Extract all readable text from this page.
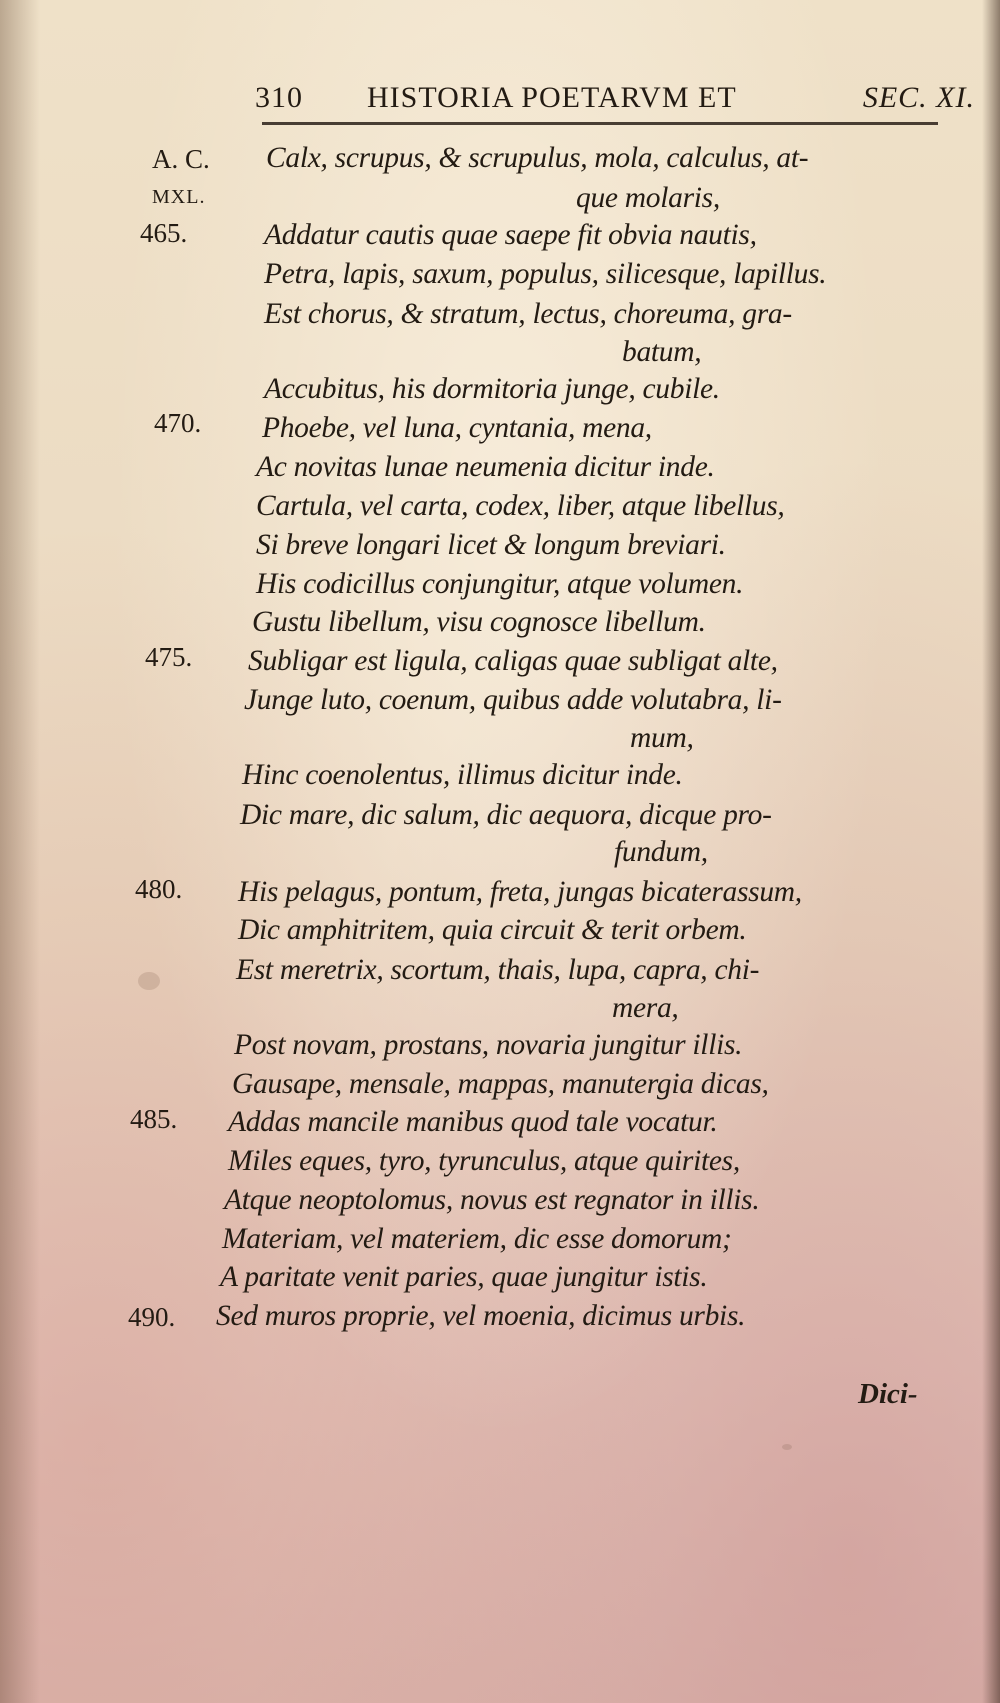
310 HISTORIA POETARVM ET	SEC. XI.
A. C.
MXL.
Calx, scrupus, & scrupulus, mola, calculus, at-
que molaris,
Addatur cautis quae saepe fit obvia nautis,
465.
Petra, lapis, saxum, populus, silicesque, lapillus.
Est chorus, & stratum, lectus, choreuma, gra-
batum,
Accubitus, his dormitoria junge, cubile.
Phoebe, vel luna, cyntania, mena,
470.
Ac novitas lunae neumenia dicitur inde.
Cartula, vel carta, codex, liber, atque libellus,
Si breve longari licet & longum breviari.
His codicillus conjungitur, atque volumen.
Gustu libellum, visu cognosce libellum.
Subligar est ligula, caligas quae subligat alte,
475.
Junge luto, coenum, quibus adde volutabra, li-
mum,
Hinc coenolentus, illimus dicitur inde.
Dic mare, dic salum, dic aequora, dicque pro-
fundum,
His pelagus, pontum, freta, jungas bicaterassum,
480.
Dic amphitritem, quia circuit & terit orbem.
Est meretrix, scortum, thais, lupa, capra, chi-
mera,
Post novam, prostans, novaria jungitur illis.
Gausape, mensale, mappas, manutergia dicas,
Addas mancile manibus quod tale vocatur.
485.
Miles eques, tyro, tyrunculus, atque quirites,
Atque neoptolomus, novus est regnator in illis.
Materiam, vel materiem, dic esse domorum;
A paritate venit paries, quae jungitur istis.
Sed muros proprie, vel moenia, dicimus urbis.
490.
Dici-
